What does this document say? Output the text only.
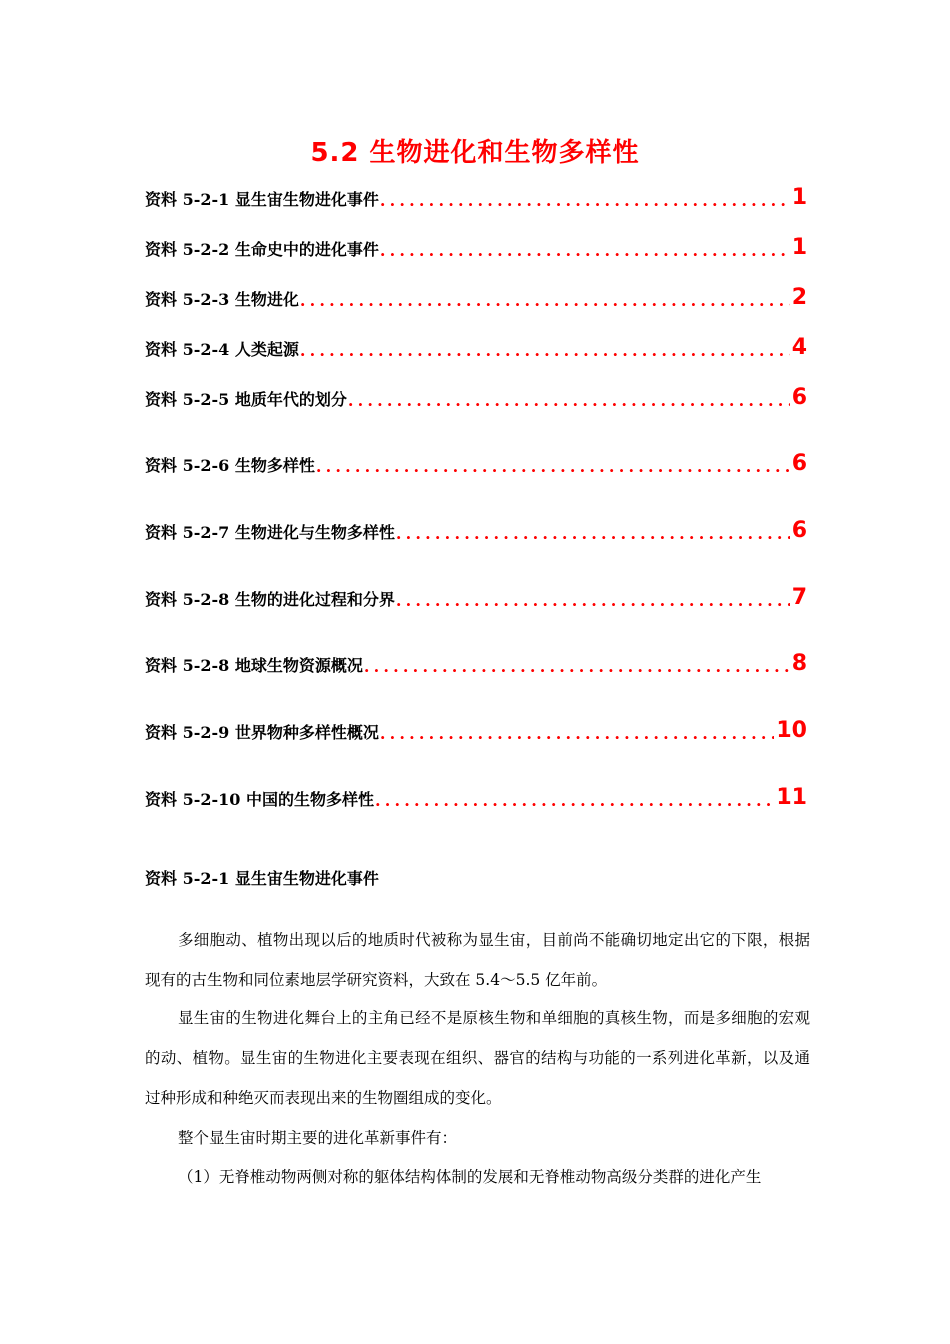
5.2 生物进化和生物多样性
资料 5-2-1 显生宙生物进化事件 .....	1
资料 5-2-2 生命史中的进化事件 .....	1
资料 5-2-3 生物进化 .....	2
资料 5-2-4 人类起源 .....	4
资料 5-2-5 地质年代的划分 .....	6
资料 5-2-6 生物多样性 .....	6
资料 5-2-7 生物进化与生物多样性 .....	6
资料 5-2-8 生物的进化过程和分界 .....	7
资料 5-2-8 地球生物资源概况 .....	8
资料 5-2-9 世界物种多样性概况 .....	10
资料 5-2-10 中国的生物多样性 .....	11
资料 5-2-1 显生宙生物进化事件
多细胞动、植物出现以后的地质时代被称为显生宙，目前尚不能确切地定出它的下限，根据现有的古生物和同位素地层学研究资料，大致在 5.4～5.5 亿年前。
显生宙的生物进化舞台上的主角已经不是原核生物和单细胞的真核生物，而是多细胞的宏观的动、植物。显生宙的生物进化主要表现在组织、器官的结构与功能的一系列进化革新，以及通过种形成和种绝灭而表现出来的生物圈组成的变化。
整个显生宙时期主要的进化革新事件有：
（1）无脊椎动物两侧对称的躯体结构体制的发展和无脊椎动物高级分类群的进化产生
